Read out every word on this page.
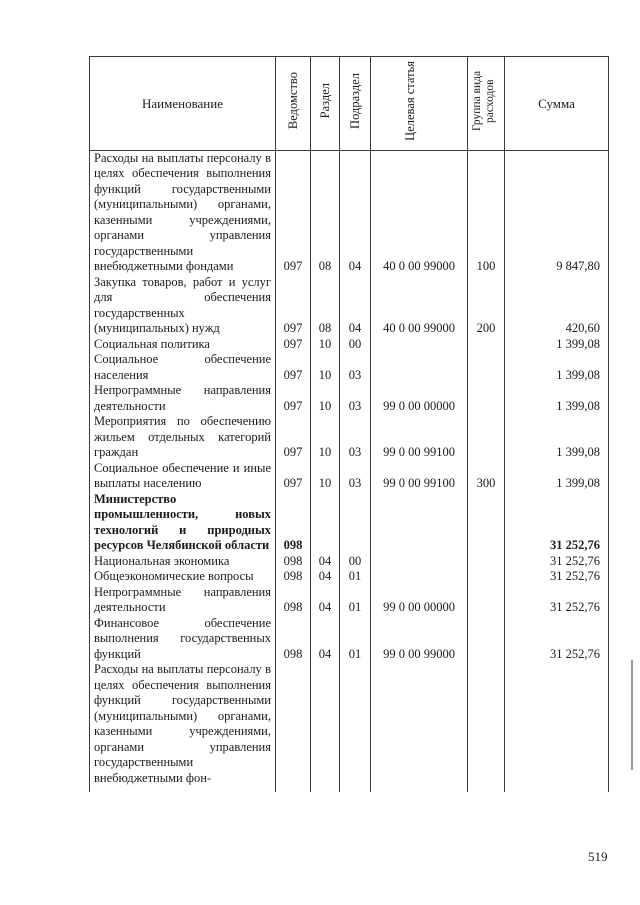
Наименование	Ведомство	Раздел	Подраздел	Целевая статья	Группа вида расходов	Сумма
Расходы на выплаты персоналу в целях обеспечения выполнения функций государственными (муниципальными) органами, казенными учреждениями, органами управления государственными внебюджетными фондами	097	08	04	40 0 00 99000	100	9 847,80
Закупка товаров, работ и услуг для обеспечения государственных (муниципальных) нужд	097	08	04	40 0 00 99000	200	420,60
Социальная политика	097	10	00			1 399,08
Социальное обеспечение населения	097	10	03			1 399,08
Непрограммные направления деятельности	097	10	03	99 0 00 00000		1 399,08
Мероприятия по обеспечению жильем отдельных категорий граждан	097	10	03	99 0 00 99100		1 399,08
Социальное обеспечение и иные выплаты населению	097	10	03	99 0 00 99100	300	1 399,08
Министерство промышленности, новых технологий и природных ресурсов Челябинской области	098					31 252,76
Национальная экономика	098	04	00			31 252,76
Общеэкономические вопросы	098	04	01			31 252,76
Непрограммные направления деятельности	098	04	01	99 0 00 00000		31 252,76
Финансовое обеспечение выполнения государственных функций	098	04	01	99 0 00 99000		31 252,76
Расходы на выплаты персоналу в целях обеспечения выполнения функций государственными (муниципальными) органами, казенными учреждениями, органами управления государственными внебюджетными фон-						
519
